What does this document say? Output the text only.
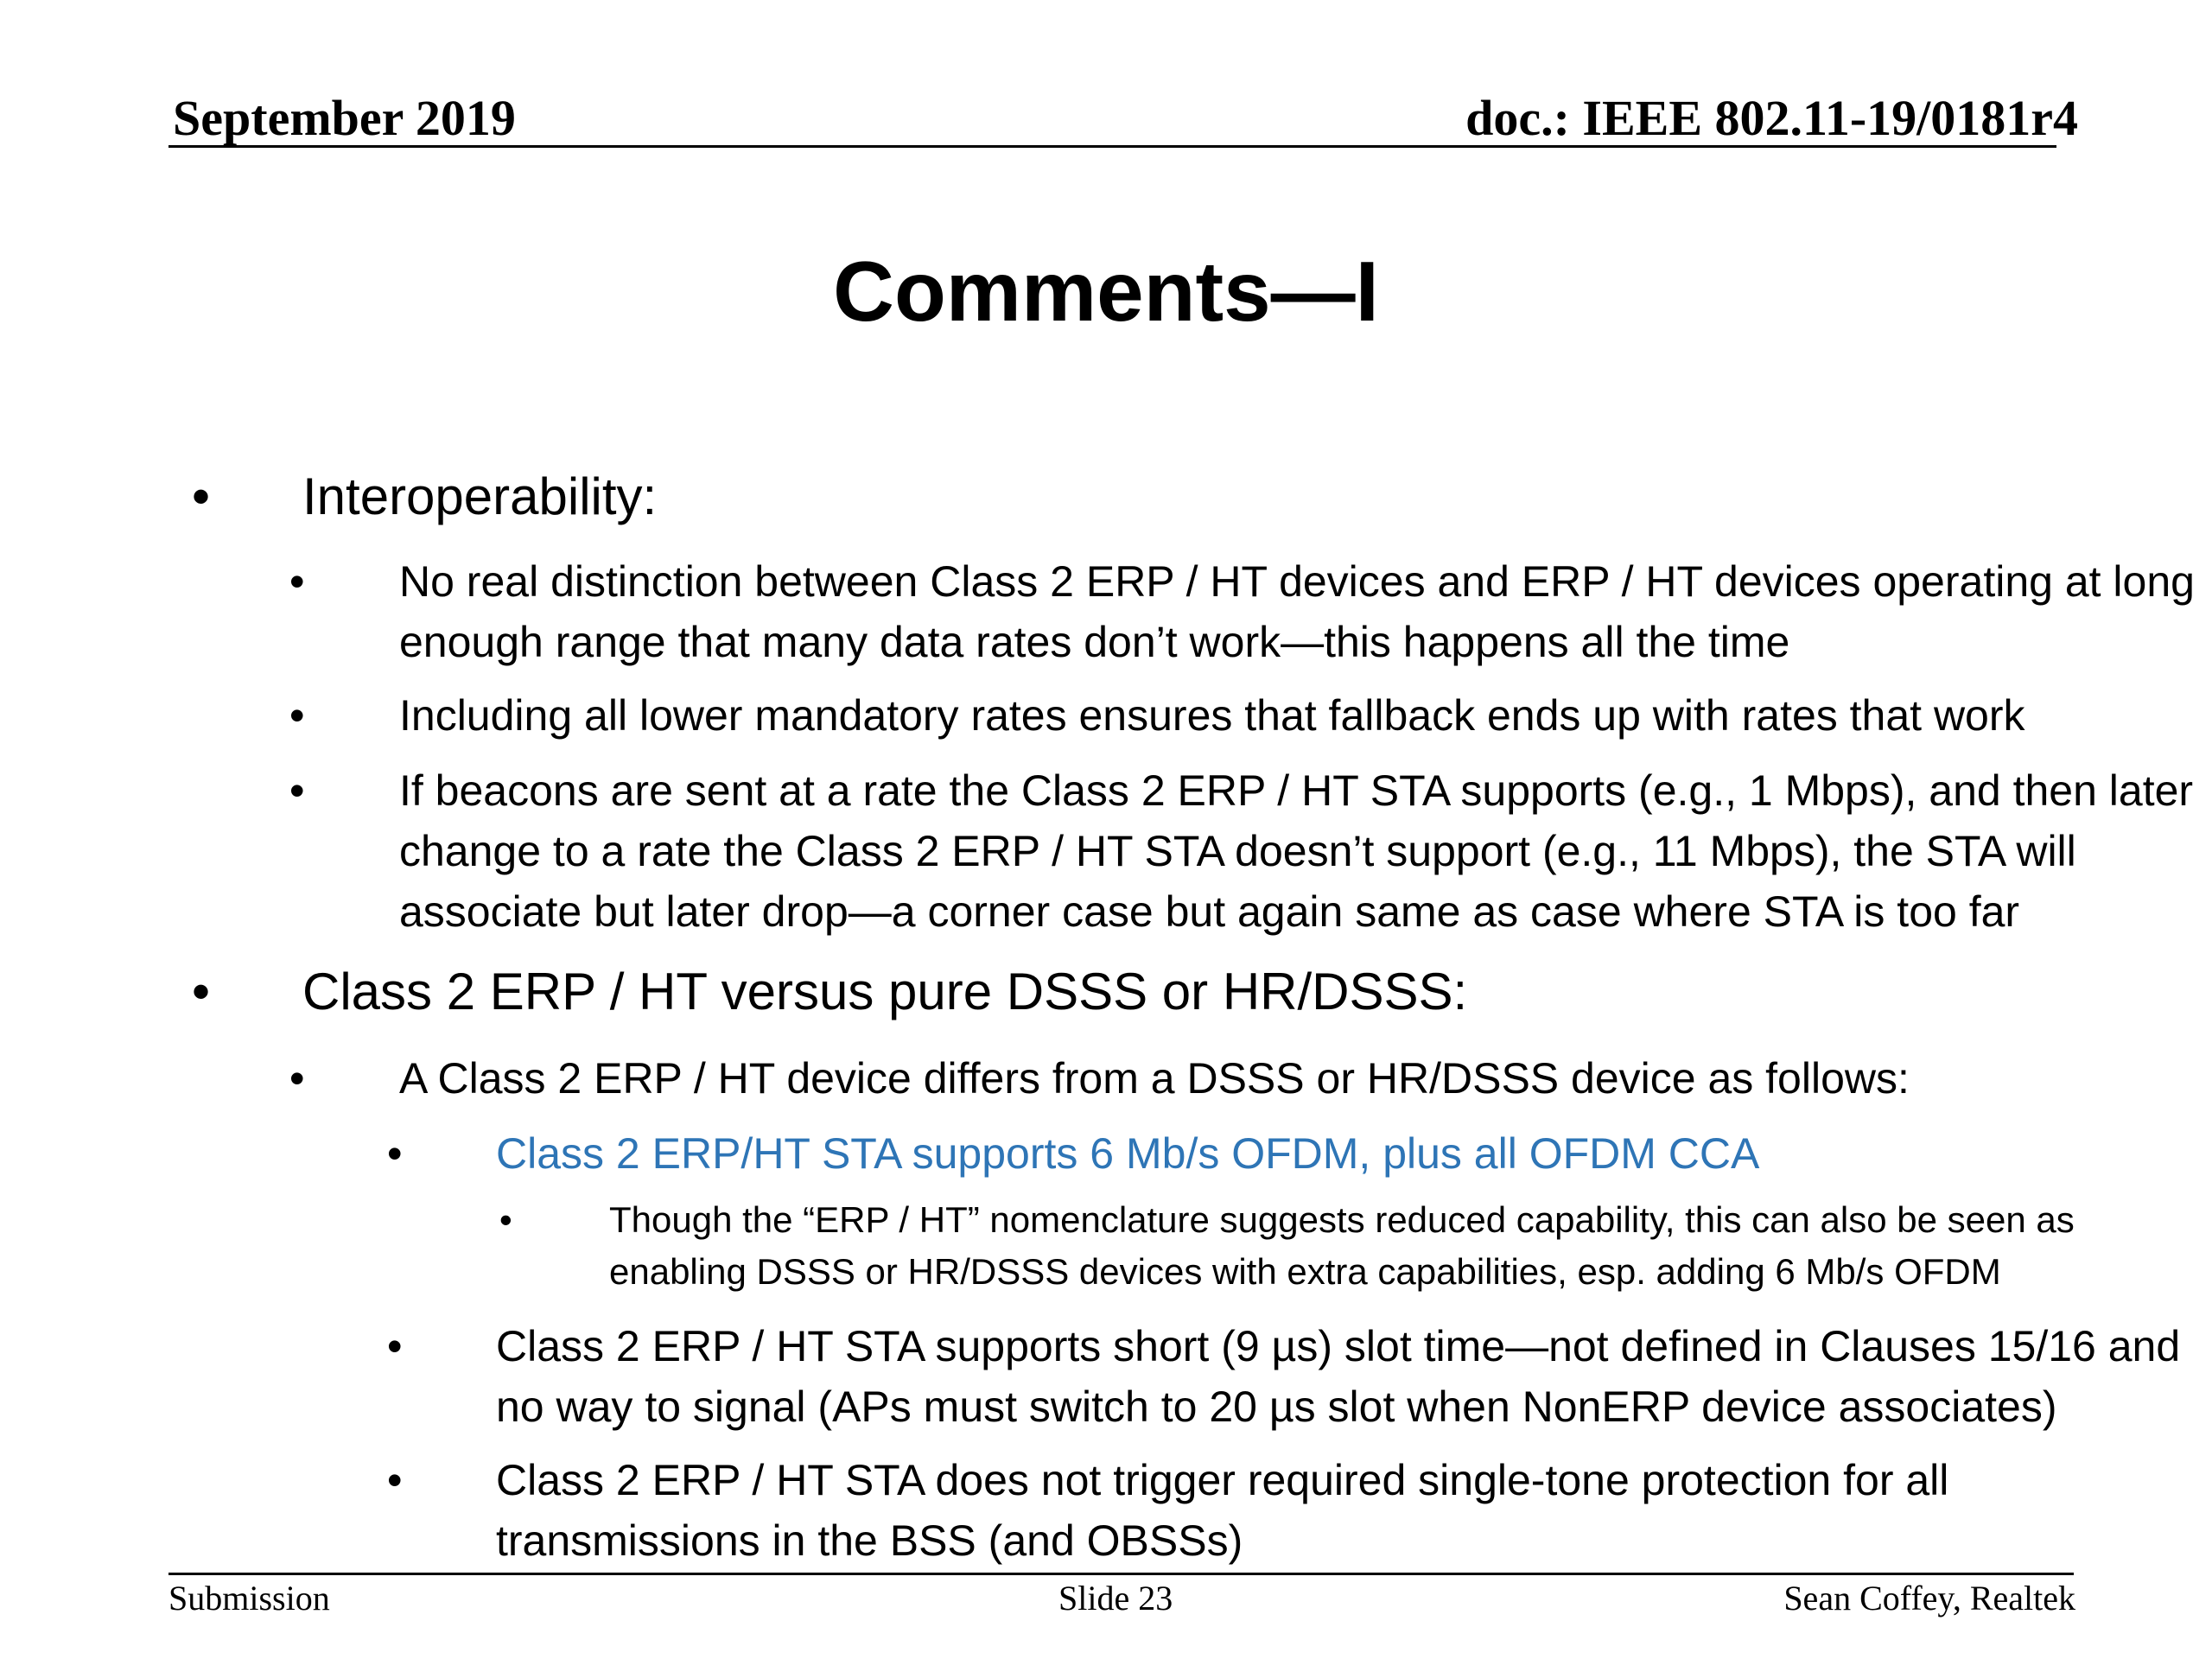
September 2019	doc.: IEEE 802.11-19/0181r4
Comments—I
• Interoperability:
• No real distinction between Class 2 ERP / HT devices and ERP / HT devices operating at long enough range that many data rates don’t work—this happens all the time
• Including all lower mandatory rates ensures that fallback ends up with rates that work
• If beacons are sent at a rate the Class 2 ERP / HT STA supports (e.g., 1 Mbps), and then later change to a rate the Class 2 ERP / HT STA doesn’t support (e.g., 11 Mbps), the STA will associate but later drop—a corner case but again same as case where STA is too far
• Class 2 ERP / HT versus pure DSSS or HR/DSSS:
• A Class 2 ERP / HT device differs from a DSSS or HR/DSSS device as follows:
• Class 2 ERP/HT STA supports 6 Mb/s OFDM, plus all OFDM CCA
•	Though the “ERP / HT” nomenclature suggests reduced capability, this can also be seen as enabling DSSS or HR/DSSS devices with extra capabilities, esp. adding 6 Mb/s OFDM
• Class 2 ERP / HT STA supports short (9 µs) slot time—not defined in Clauses 15/16 and no way to signal (APs must switch to 20 µs slot when NonERP device associates)
• Class 2 ERP / HT STA does not trigger required single-tone protection for all transmissions in the BSS (and OBSSs)
Submission	Slide 23	Sean Coffey, Realtek
